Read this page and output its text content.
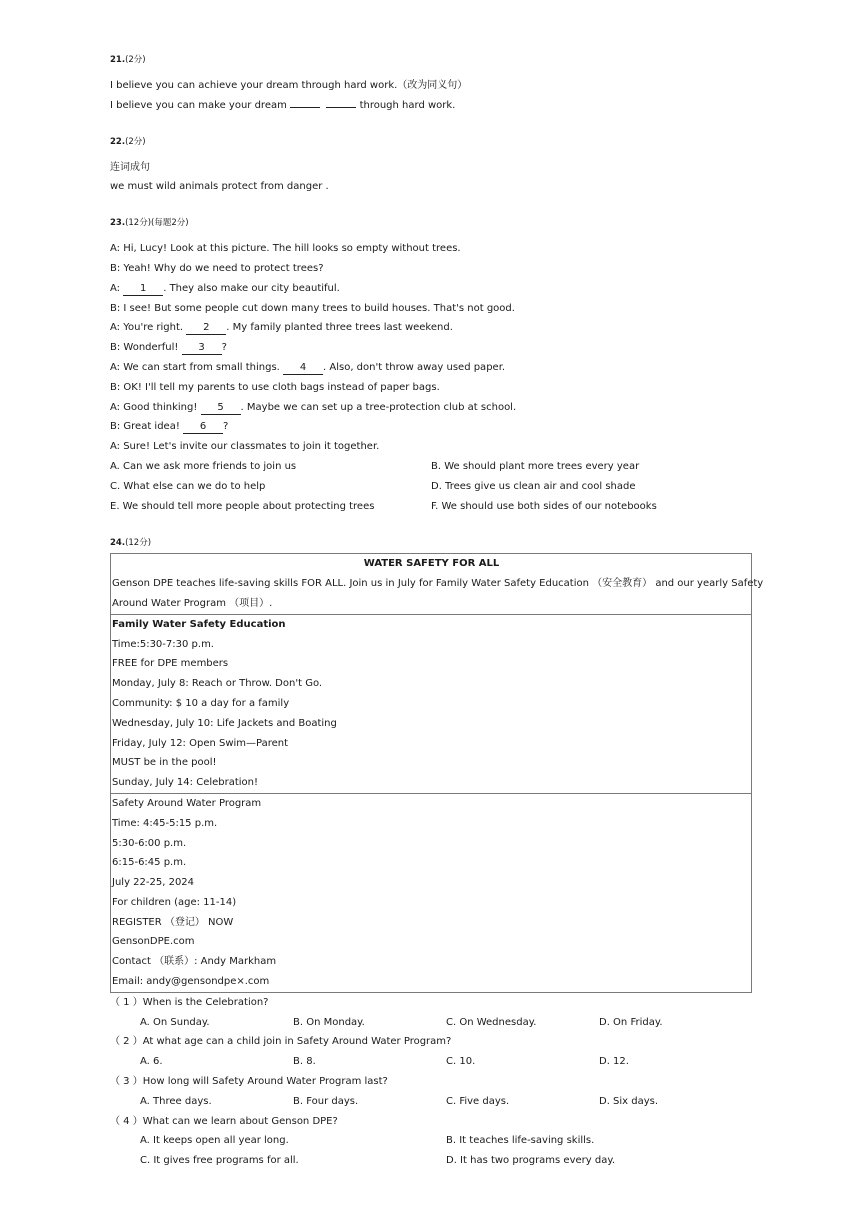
21.(2分)
I believe you can achieve your dream through hard work.（改为同义句）
I believe you can make your dream	through hard work.
22.(2分)
连词成句
we must wild animals protect from danger .
23.(12分)(每题2分)
A: Hi, Lucy! Look at this picture. The hill looks so empty without trees.
B: Yeah! Why do we need to protect trees?
A: 1 . They also make our city beautiful.
B: I see! But some people cut down many trees to build houses. That's not good.
A: You're right. 2 . My family planted three trees last weekend.
B: Wonderful! 3 ?
A: We can start from small things. 4 . Also, don't throw away used paper.
B: OK! I'll tell my parents to use cloth bags instead of paper bags.
A: Good thinking! 5 . Maybe we can set up a tree-protection club at school.
B: Great idea! 6 ?
A: Sure! Let's invite our classmates to join it together.
A. Can we ask more friends to join us	B. We should plant more trees every year
C. What else can we do to help	D. Trees give us clean air and cool shade
E. We should tell more people about protecting trees	F. We should use both sides of our notebooks
24.(12分)
WATER SAFETY FOR ALL
Genson DPE teaches life-saving skills FOR ALL. Join us in July for Family Water Safety Education （安全教育） and our yearly Safety
Around Water Program （项目）.
Family Water Safety Education
Time:5:30-7:30 p.m.
FREE for DPE members
Monday, July 8: Reach or Throw. Don't Go.
Community: $ 10 a day for a family
Wednesday, July 10: Life Jackets and Boating
Friday, July 12: Open Swim—Parent
MUST be in the pool!
Sunday, July 14: Celebration!
Safety Around Water Program
Time: 4:45-5:15 p.m.
5:30-6:00 p.m.
6:15-6:45 p.m.
July 22-25, 2024
For children (age: 11-14)
REGISTER （登记） NOW
GensonDPE.com
Contact （联系）: Andy Markham
Email: andy@gensondpe×.com
（ 1 ）When is the Celebration?
A. On Sunday.	B. On Monday.	C. On Wednesday.	D. On Friday.
（ 2 ）At what age can a child join in Safety Around Water Program?
A. 6.	B. 8.	C. 10.	D. 12.
（ 3 ）How long will Safety Around Water Program last?
A. Three days.	B. Four days.	C. Five days.	D. Six days.
（ 4 ）What can we learn about Genson DPE?
A. It keeps open all year long.	B. It teaches life-saving skills.
C. It gives free programs for all.	D. It has two programs every day.
